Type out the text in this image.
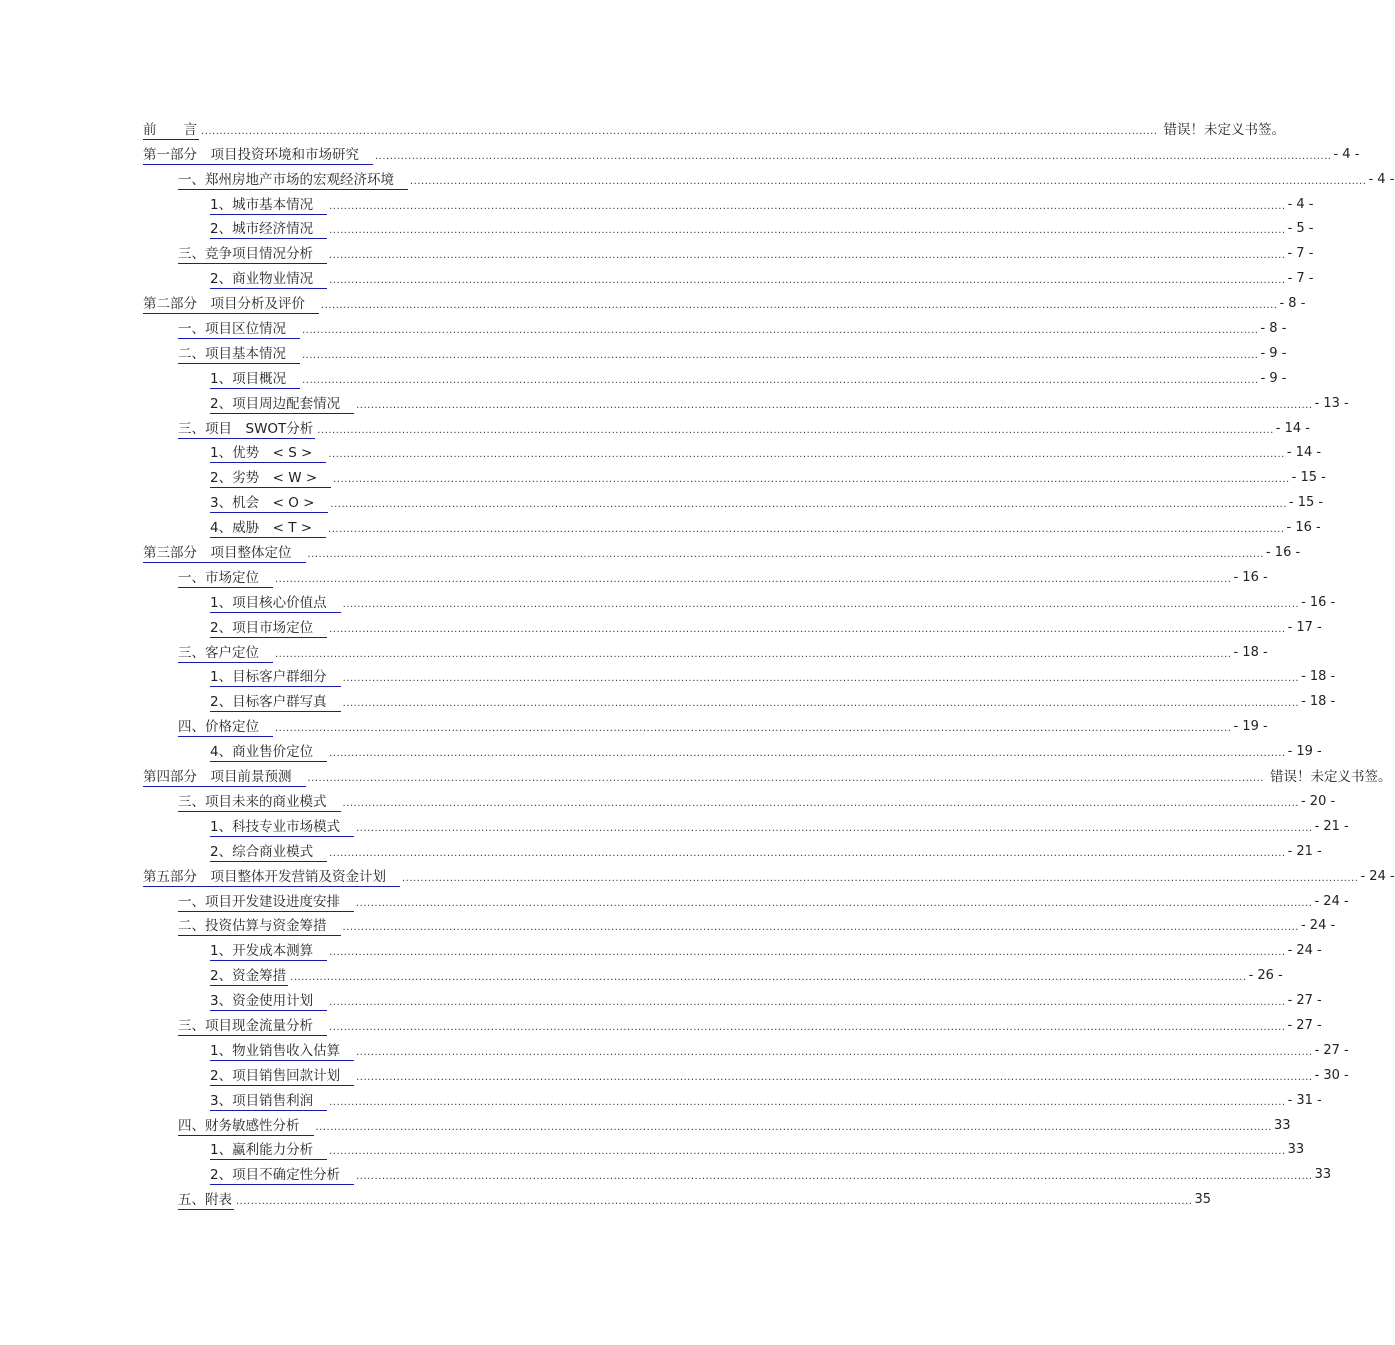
前　　言 .................................................................................................................................................................................................................................................................... 错误！未定义书签。
第一部分　项目投资环境和市场研究	.................................................................................................................................................................................................................................................................... - 4 -
一、郑州房地产市场的宏观经济环境	.................................................................................................................................................................................................................................................................... - 4 -
1、城市基本情况	.................................................................................................................................................................................................................................................................... - 4 -
2、城市经济情况	.................................................................................................................................................................................................................................................................... - 5 -
三、竞争项目情况分析	.................................................................................................................................................................................................................................................................... - 7 -
2、商业物业情况	.................................................................................................................................................................................................................................................................... - 7 -
第二部分　项目分析及评价	.................................................................................................................................................................................................................................................................... - 8 -
一、项目区位情况	.................................................................................................................................................................................................................................................................... - 8 -
二、项目基本情况	.................................................................................................................................................................................................................................................................... - 9 -
1、项目概况	.................................................................................................................................................................................................................................................................... - 9 -
2、项目周边配套情况	.................................................................................................................................................................................................................................................................... - 13 -
三、项目　SWOT分析 .................................................................................................................................................................................................................................................................... - 14 -
1、优势　< S >	.................................................................................................................................................................................................................................................................... - 14 -
2、劣势　< W >	.................................................................................................................................................................................................................................................................... - 15 -
3、机会　< O >	.................................................................................................................................................................................................................................................................... - 15 -
4、威胁　< T >	.................................................................................................................................................................................................................................................................... - 16 -
第三部分　项目整体定位	.................................................................................................................................................................................................................................................................... - 16 -
一、市场定位	.................................................................................................................................................................................................................................................................... - 16 -
1、项目核心价值点	.................................................................................................................................................................................................................................................................... - 16 -
2、项目市场定位	.................................................................................................................................................................................................................................................................... - 17 -
三、客户定位	.................................................................................................................................................................................................................................................................... - 18 -
1、目标客户群细分	.................................................................................................................................................................................................................................................................... - 18 -
2、目标客户群写真	.................................................................................................................................................................................................................................................................... - 18 -
四、价格定位	.................................................................................................................................................................................................................................................................... - 19 -
4、商业售价定位	.................................................................................................................................................................................................................................................................... - 19 -
第四部分　项目前景预测	.................................................................................................................................................................................................................................................................... 错误！未定义书签。
三、项目未来的商业模式	.................................................................................................................................................................................................................................................................... - 20 -
1、科技专业市场模式	.................................................................................................................................................................................................................................................................... - 21 -
2、综合商业模式	.................................................................................................................................................................................................................................................................... - 21 -
第五部分　项目整体开发营销及资金计划	.................................................................................................................................................................................................................................................................... - 24 -
一、项目开发建设进度安排	.................................................................................................................................................................................................................................................................... - 24 -
二、投资估算与资金筹措	.................................................................................................................................................................................................................................................................... - 24 -
1、开发成本测算	.................................................................................................................................................................................................................................................................... - 24 -
2、资金筹措 .................................................................................................................................................................................................................................................................... - 26 -
3、资金使用计划	.................................................................................................................................................................................................................................................................... - 27 -
三、项目现金流量分析	.................................................................................................................................................................................................................................................................... - 27 -
1、物业销售收入估算	.................................................................................................................................................................................................................................................................... - 27 -
2、项目销售回款计划	.................................................................................................................................................................................................................................................................... - 30 -
3、项目销售利润	.................................................................................................................................................................................................................................................................... - 31 -
四、财务敏感性分析	.................................................................................................................................................................................................................................................................... 33
1、赢利能力分析	.................................................................................................................................................................................................................................................................... 33
2、项目不确定性分析	.................................................................................................................................................................................................................................................................... 33
五、附表 .................................................................................................................................................................................................................................................................... 35
